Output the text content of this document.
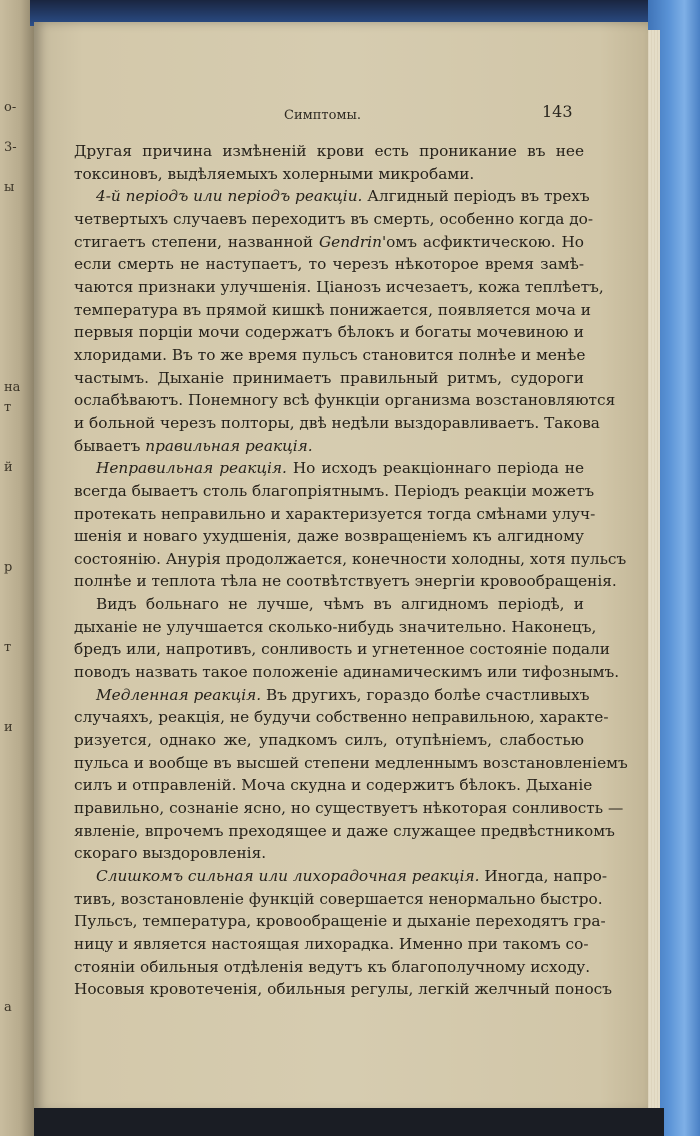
о-
3-
ы
на
т
й
р
т
и
а
Симптомы.	143
Другая причина измѣненій крови есть проникание въ нее
токсиновъ, выдѣляемыхъ холерными микробами.
4-й періодъ или періодъ реакціи. Алгидный періодъ въ трехъ
четвертыхъ случаевъ переходитъ въ смерть, особенно когда до-
стигаетъ степени, названной Gendrin'омъ асфиктическою. Но
если смерть не наступаетъ, то черезъ нѣкоторое время замѣ-
чаются признаки улучшенія. Ціанозъ исчезаетъ, кожа теплѣетъ,
температура въ прямой кишкѣ понижается, появляется моча и
первыя порціи мочи содержатъ бѣлокъ и богаты мочевиною и
хлоридами. Въ то же время пульсъ становится полнѣе и менѣе
частымъ. Дыханіе принимаетъ правильный ритмъ, судороги
ослабѣваютъ. Понемногу всѣ функціи организма возстановляются
и больной черезъ полторы, двѣ недѣли выздоравливаетъ. Такова
бываетъ правильная реакція.
Неправильная реакція. Но исходъ реакціоннаго періода не
всегда бываетъ столь благопріятнымъ. Періодъ реакціи можетъ
протекать неправильно и характеризуется тогда смѣнами улуч-
шенія и новаго ухудшенія, даже возвращеніемъ къ алгидному
состоянію. Анурія продолжается, конечности холодны, хотя пульсъ
полнѣе и теплота тѣла не соотвѣтствуетъ энергіи кровообращенія.
Видъ больнаго не лучше, чѣмъ въ алгидномъ періодѣ, и
дыханіе не улучшается сколько-нибудь значительно. Наконецъ,
бредъ или, напротивъ, сонливость и угнетенное состояніе подали
поводъ назвать такое положеніе адинамическимъ или тифознымъ.
Медленная реакція. Въ другихъ, гораздо болѣе счастливыхъ
случаяхъ, реакція, не будучи собственно неправильною, характе-
ризуется, однако же, упадкомъ силъ, отупѣніемъ, слабостью
пульса и вообще въ высшей степени медленнымъ возстановленіемъ
силъ и отправленій. Моча скудна и содержитъ бѣлокъ. Дыханіе
правильно, сознаніе ясно, но существуетъ нѣкоторая сонливость —
явленіе, впрочемъ преходящее и даже служащее предвѣстникомъ
скораго выздоровленія.
Слишкомъ сильная или лихорадочная реакція. Иногда, напро-
тивъ, возстановленіе функцій совершается ненормально быстро.
Пульсъ, температура, кровообращеніе и дыханіе переходятъ гра-
ницу и является настоящая лихорадка. Именно при такомъ со-
стояніи обильныя отдѣленія ведутъ къ благополучному исходу.
Носовыя кровотеченія, обильныя регулы, легкій желчный поносъ
